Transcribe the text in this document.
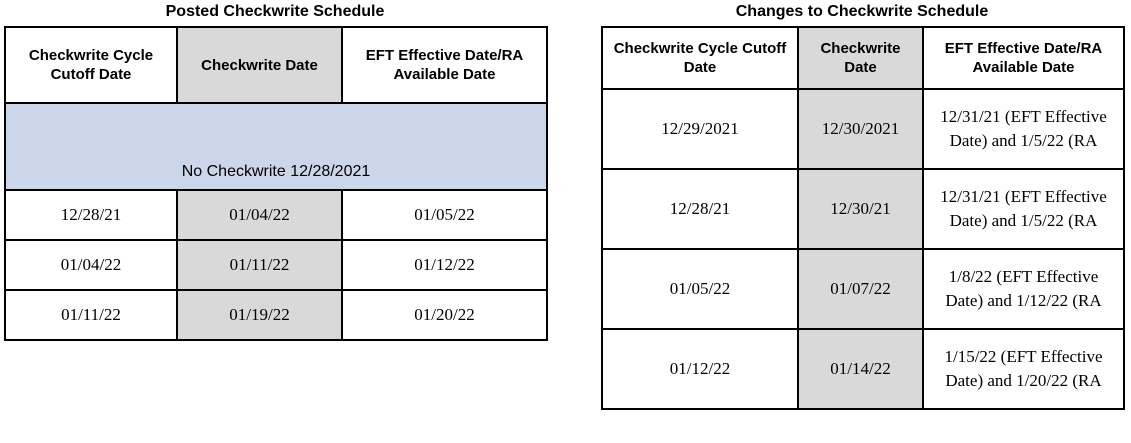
Posted Checkwrite Schedule
Checkwrite Cycle Cutoff Date	Checkwrite Date	EFT Effective Date/RA Available Date
No Checkwrite 12/28/2021		
12/28/21	01/04/22	01/05/22
01/04/22	01/11/22	01/12/22
01/11/22	01/19/22	01/20/22
Changes to Checkwrite Schedule
Checkwrite Cycle Cutoff Date	Checkwrite Date	EFT Effective Date/RA Available Date
12/29/2021	12/30/2021	12/31/21 (EFT Effective Date) and 1/5/22 (RA
12/28/21	12/30/21	12/31/21 (EFT Effective Date) and 1/5/22 (RA
01/05/22	01/07/22	1/8/22 (EFT Effective Date) and 1/12/22 (RA
01/12/22	01/14/22	1/15/22 (EFT Effective Date) and 1/20/22 (RA
